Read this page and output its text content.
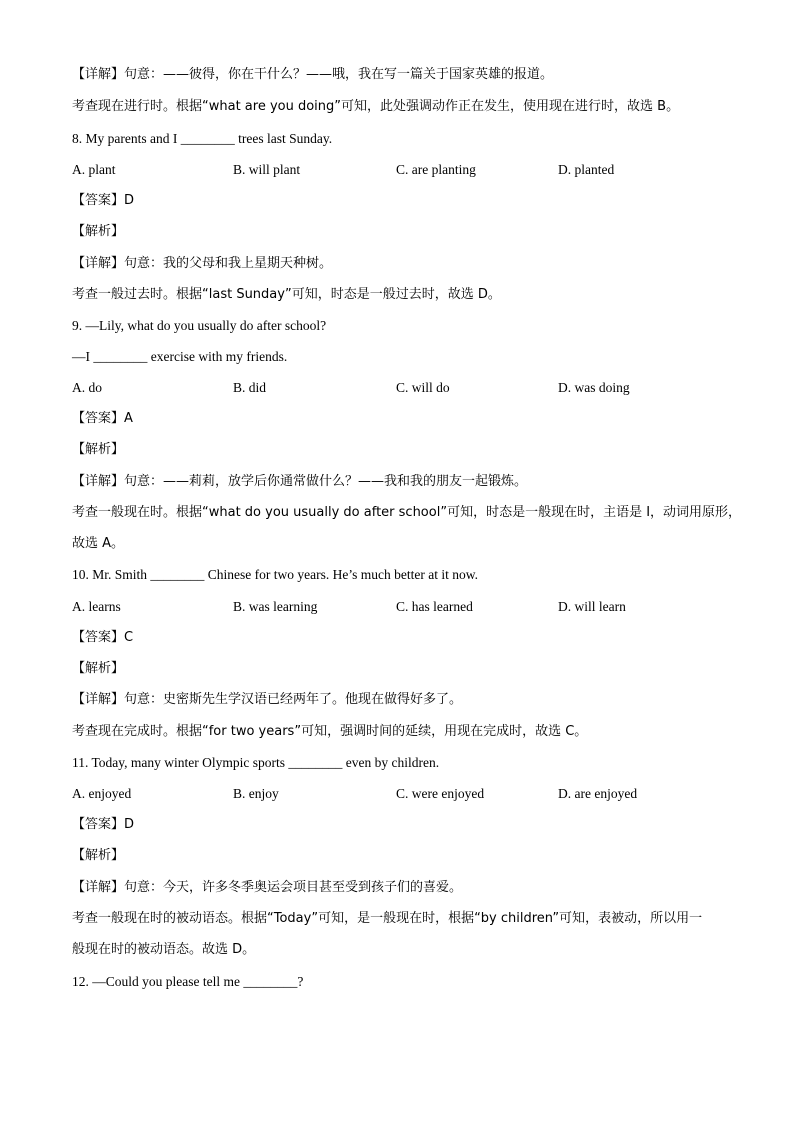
【详解】句意：——彼得，你在干什么？——哦，我在写一篇关于国家英雄的报道。
考查现在进行时。根据“what are you doing”可知，此处强调动作正在发生，使用现在进行时，故选 B。
8. My parents and I ________ trees last Sunday.
A. plant	B. will plant	C. are planting	D. planted
【答案】D
【解析】
【详解】句意：我的父母和我上星期天种树。
考查一般过去时。根据“last Sunday”可知，时态是一般过去时，故选 D。
9. —Lily, what do you usually do after school?
—I ________ exercise with my friends.
A. do	B. did	C. will do	D. was doing
【答案】A
【解析】
【详解】句意：——莉莉，放学后你通常做什么？——我和我的朋友一起锻炼。
考查一般现在时。根据“what do you usually do after school”可知，时态是一般现在时，主语是 I，动词用原形，
故选 A。
10. Mr. Smith ________ Chinese for two years. He’s much better at it now.
A. learns	B. was learning	C. has learned	D. will learn
【答案】C
【解析】
【详解】句意：史密斯先生学汉语已经两年了。他现在做得好多了。
考查现在完成时。根据“for two years”可知，强调时间的延续，用现在完成时，故选 C。
11. Today, many winter Olympic sports ________ even by children.
A. enjoyed	B. enjoy	C. were enjoyed	D. are enjoyed
【答案】D
【解析】
【详解】句意：今天，许多冬季奥运会项目甚至受到孩子们的喜爱。
考查一般现在时的被动语态。根据“Today”可知，是一般现在时，根据“by children”可知，表被动，所以用一
般现在时的被动语态。故选 D。
12. —Could you please tell me ________?
